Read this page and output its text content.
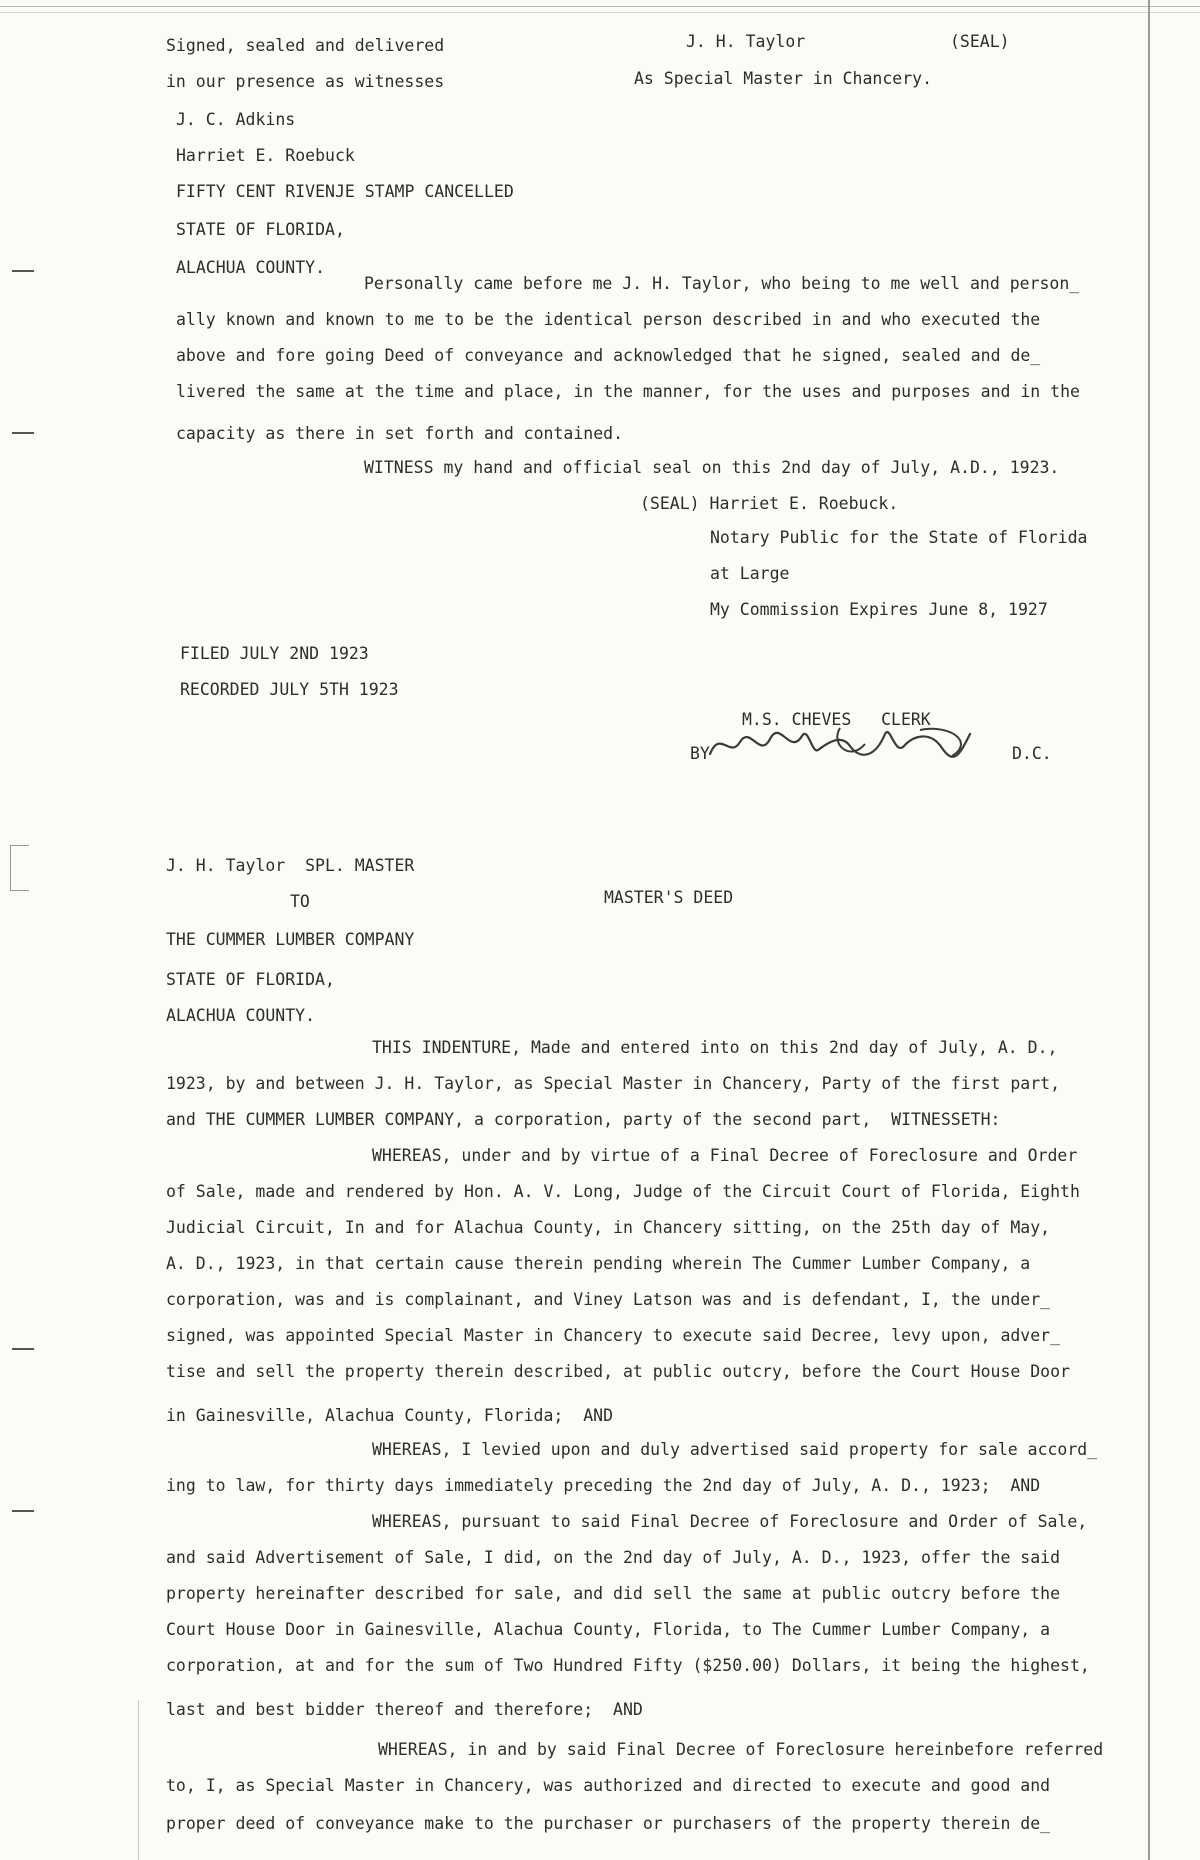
Signed, sealed and delivered	J. H. Taylor	(SEAL)
in our presence as witnesses	As Special Master in Chancery.
J. C. Adkins
Harriet E. Roebuck
FIFTY CENT RIVENJE STAMP CANCELLED
STATE OF FLORIDA,
ALACHUA COUNTY.
Personally came before me J. H. Taylor, who being to me well and person_
ally known and known to me to be the identical person described in and who executed the
above and fore going Deed of conveyance and acknowledged that he signed, sealed and de_
livered the same at the time and place, in the manner, for the uses and purposes and in the
capacity as there in set forth and contained.
WITNESS my hand and official seal on this 2nd day of July, A.D., 1923.
(SEAL) Harriet E. Roebuck.
Notary Public for the State of Florida
at Large
My Commission Expires June 8, 1927
FILED JULY 2ND 1923
RECORDED JULY 5TH 1923
M.S. CHEVES   CLERK
BY	D.C.
J. H. Taylor  SPL. MASTER
TO	MASTER'S DEED
THE CUMMER LUMBER COMPANY
STATE OF FLORIDA,
ALACHUA COUNTY.
THIS INDENTURE, Made and entered into on this 2nd day of July, A. D.,
1923, by and between J. H. Taylor, as Special Master in Chancery, Party of the first part,
and THE CUMMER LUMBER COMPANY, a corporation, party of the second part,  WITNESSETH:
WHEREAS, under and by virtue of a Final Decree of Foreclosure and Order
of Sale, made and rendered by Hon. A. V. Long, Judge of the Circuit Court of Florida, Eighth
Judicial Circuit, In and for Alachua County, in Chancery sitting, on the 25th day of May,
A. D., 1923, in that certain cause therein pending wherein The Cummer Lumber Company, a
corporation, was and is complainant, and Viney Latson was and is defendant, I, the under_
signed, was appointed Special Master in Chancery to execute said Decree, levy upon, adver_
tise and sell the property therein described, at public outcry, before the Court House Door
in Gainesville, Alachua County, Florida;  AND
WHEREAS, I levied upon and duly advertised said property for sale accord_
ing to law, for thirty days immediately preceding the 2nd day of July, A. D., 1923;  AND
WHEREAS, pursuant to said Final Decree of Foreclosure and Order of Sale,
and said Advertisement of Sale, I did, on the 2nd day of July, A. D., 1923, offer the said
property hereinafter described for sale, and did sell the same at public outcry before the
Court House Door in Gainesville, Alachua County, Florida, to The Cummer Lumber Company, a
corporation, at and for the sum of Two Hundred Fifty ($250.00) Dollars, it being the highest,
last and best bidder thereof and therefore;  AND
WHEREAS, in and by said Final Decree of Foreclosure hereinbefore referred
to, I, as Special Master in Chancery, was authorized and directed to execute and good and
proper deed of conveyance make to the purchaser or purchasers of the property therein de_
